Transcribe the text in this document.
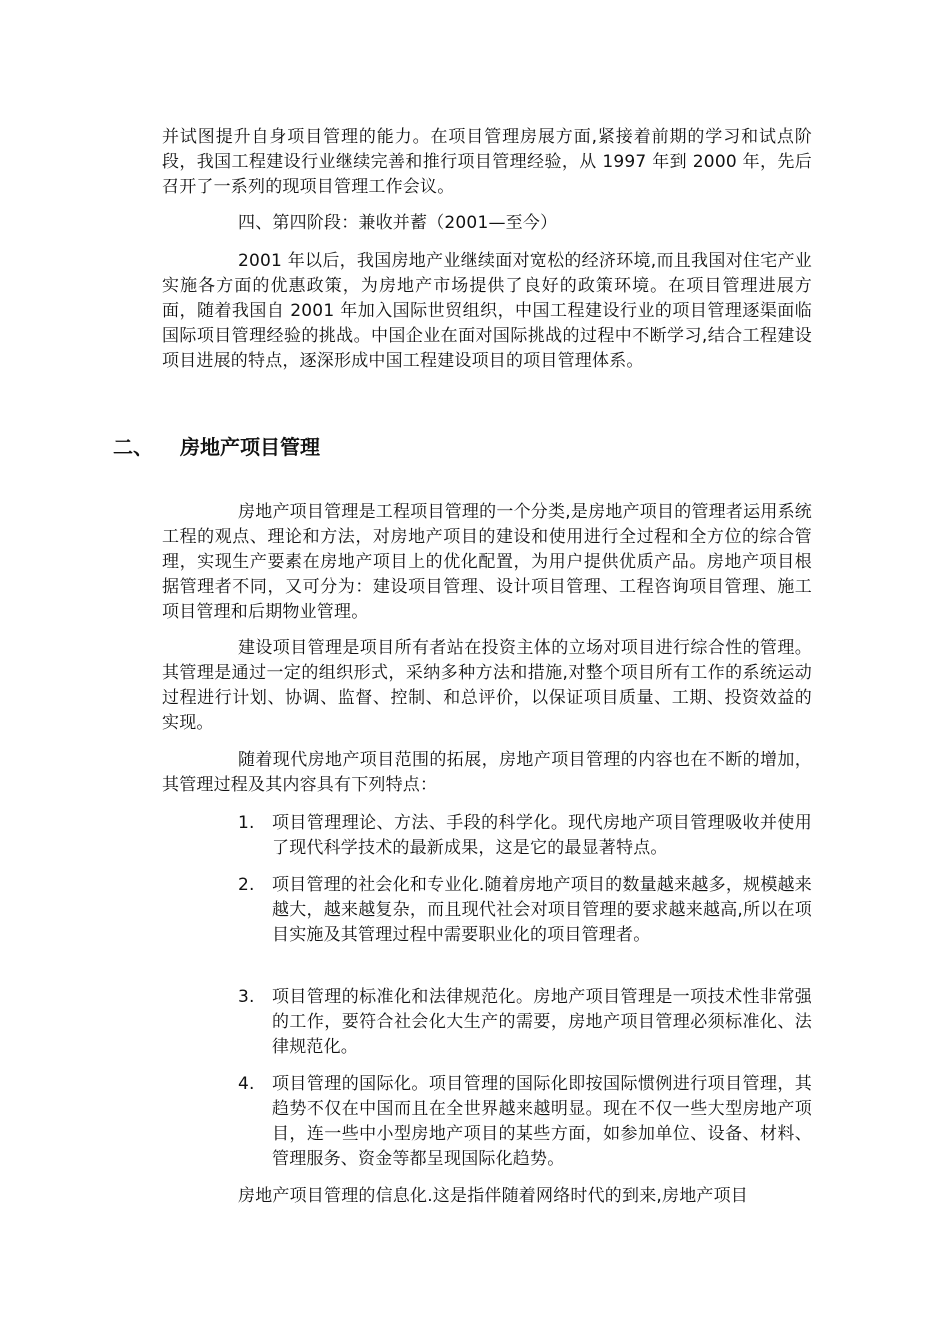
并试图提升自身项目管理的能力。在项目管理房展方面,紧接着前期的学习和试点阶段，我国工程建设行业继续完善和推行项目管理经验，从 1997 年到 2000 年，先后召开了一系列的现项目管理工作会议。

四、第四阶段：兼收并蓄（2001—至今）

2001 年以后，我国房地产业继续面对宽松的经济环境,而且我国对住宅产业实施各方面的优惠政策，为房地产市场提供了良好的政策环境。在项目管理进展方面，随着我国自 2001 年加入国际世贸组织，中国工程建设行业的项目管理逐渠面临国际项目管理经验的挑战。中国企业在面对国际挑战的过程中不断学习,结合工程建设项目进展的特点，逐深形成中国工程建设项目的项目管理体系。

二、	房地产项目管理

房地产项目管理是工程项目管理的一个分类,是房地产项目的管理者运用系统工程的观点、理论和方法，对房地产项目的建设和使用进行全过程和全方位的综合管理，实现生产要素在房地产项目上的优化配置，为用户提供优质产品。房地产项目根据管理者不同，又可分为：建设项目管理、设计项目管理、工程咨询项目管理、施工项目管理和后期物业管理。

建设项目管理是项目所有者站在投资主体的立场对项目进行综合性的管理。其管理是通过一定的组织形式，采纳多种方法和措施,对整个项目所有工作的系统运动过程进行计划、协调、监督、控制、和总评价，以保证项目质量、工期、投资效益的实现。

随着现代房地产项目范围的拓展，房地产项目管理的内容也在不断的增加，其管理过程及其内容具有下列特点：

1.	项目管理理论、方法、手段的科学化。现代房地产项目管理吸收并使用了现代科学技术的最新成果，这是它的最显著特点。
2.	项目管理的社会化和专业化.随着房地产项目的数量越来越多，规模越来越大，越来越复杂，而且现代社会对项目管理的要求越来越高,所以在项目实施及其管理过程中需要职业化的项目管理者。
3.	项目管理的标准化和法律规范化。房地产项目管理是一项技术性非常强的工作，要符合社会化大生产的需要，房地产项目管理必须标准化、法律规范化。
4.	项目管理的国际化。项目管理的国际化即按国际惯例进行项目管理，其趋势不仅在中国而且在全世界越来越明显。现在不仅一些大型房地产项目，连一些中小型房地产项目的某些方面，如参加单位、设备、材料、管理服务、资金等都呈现国际化趋势。

房地产项目管理的信息化.这是指伴随着网络时代的到来,房地产项目
